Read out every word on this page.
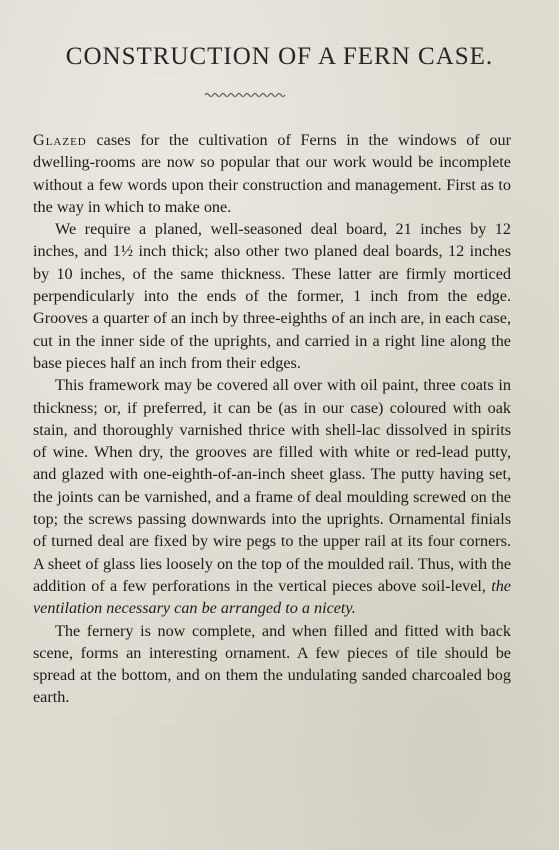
CONSTRUCTION OF A FERN CASE.

Glazed cases for the cultivation of Ferns in the windows of our dwelling-rooms are now so popular that our work would be incomplete without a few words upon their construction and management. First as to the way in which to make one.

We require a planed, well-seasoned deal board, 21 inches by 12 inches, and 1½ inch thick; also other two planed deal boards, 12 inches by 10 inches, of the same thickness. These latter are firmly morticed perpendicularly into the ends of the former, 1 inch from the edge. Grooves a quarter of an inch by three-eighths of an inch are, in each case, cut in the inner side of the uprights, and carried in a right line along the base pieces half an inch from their edges.

This framework may be covered all over with oil paint, three coats in thickness; or, if preferred, it can be (as in our case) coloured with oak stain, and thoroughly varnished thrice with shell-lac dissolved in spirits of wine. When dry, the grooves are filled with white or red-lead putty, and glazed with one-eighth-of-an-inch sheet glass. The putty having set, the joints can be varnished, and a frame of deal moulding screwed on the top; the screws passing downwards into the uprights. Ornamental finials of turned deal are fixed by wire pegs to the upper rail at its four corners. A sheet of glass lies loosely on the top of the moulded rail. Thus, with the addition of a few perforations in the vertical pieces above soil-level, the ventilation necessary can be arranged to a nicety.

The fernery is now complete, and when filled and fitted with back scene, forms an interesting ornament. A few pieces of tile should be spread at the bottom, and on them the undulating sanded charcoaled bog earth.
